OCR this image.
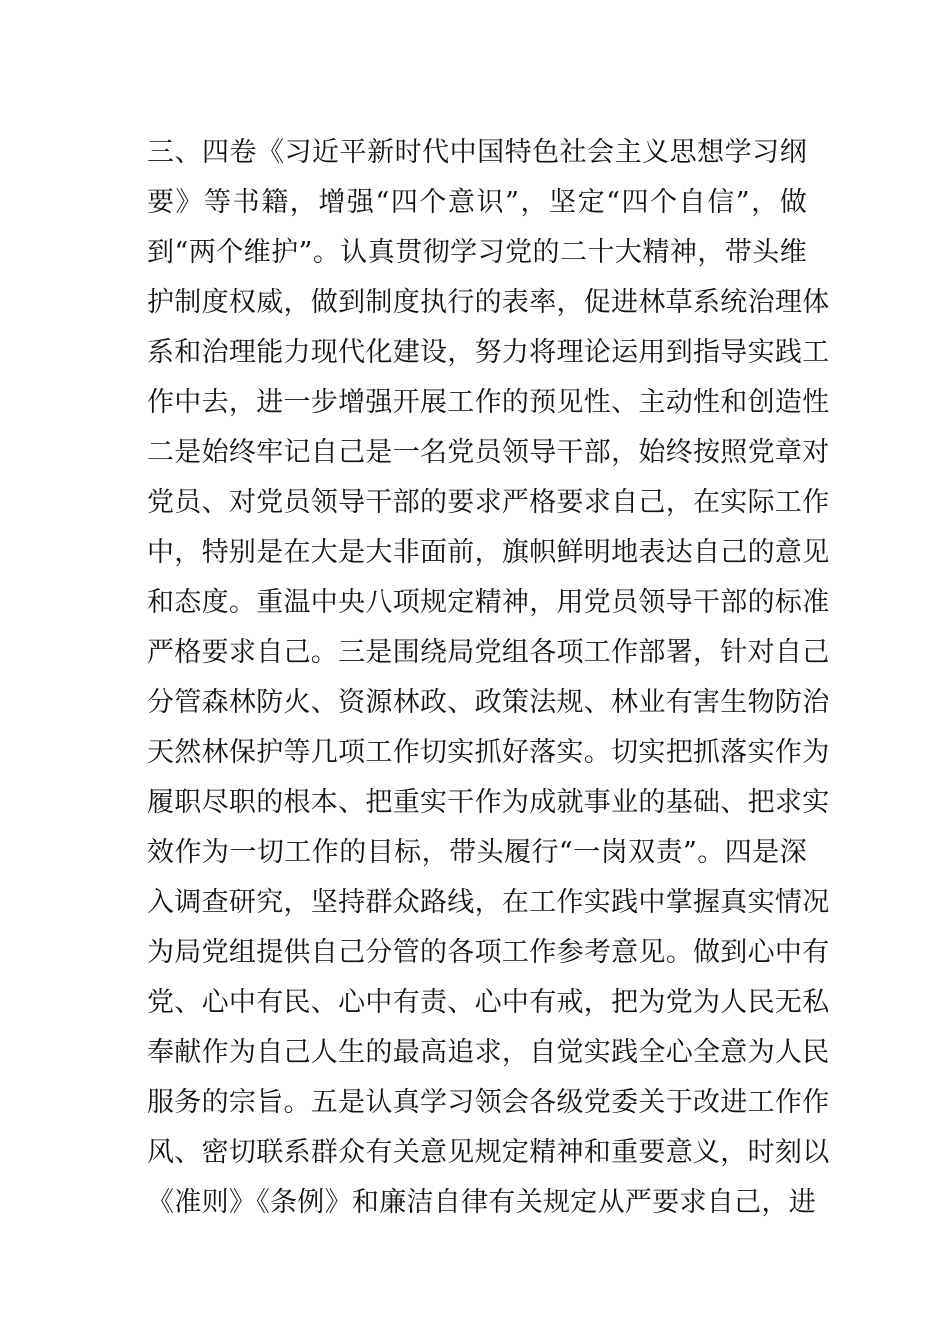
三、四卷《习近平新时代中国特色社会主义思想学习纲
要》等书籍，增强“四个意识”，坚定“四个自信”，做
到“两个维护”。认真贯彻学习党的二十大精神，带头维
护制度权威，做到制度执行的表率，促进林草系统治理体
系和治理能力现代化建设，努力将理论运用到指导实践工
作中去，进一步增强开展工作的预见性、主动性和创造性
二是始终牢记自己是一名党员领导干部，始终按照党章对
党员、对党员领导干部的要求严格要求自己，在实际工作
中，特别是在大是大非面前，旗帜鲜明地表达自己的意见
和态度。重温中央八项规定精神，用党员领导干部的标准
严格要求自己。三是围绕局党组各项工作部署，针对自己
分管森林防火、资源林政、政策法规、林业有害生物防治
天然林保护等几项工作切实抓好落实。切实把抓落实作为
履职尽职的根本、把重实干作为成就事业的基础、把求实
效作为一切工作的目标，带头履行“一岗双责”。四是深
入调查研究，坚持群众路线，在工作实践中掌握真实情况
为局党组提供自己分管的各项工作参考意见。做到心中有
党、心中有民、心中有责、心中有戒，把为党为人民无私
奉献作为自己人生的最高追求，自觉实践全心全意为人民
服务的宗旨。五是认真学习领会各级党委关于改进工作作
风、密切联系群众有关意见规定精神和重要意义，时刻以
《准则》《条例》和廉洁自律有关规定从严要求自己，进
